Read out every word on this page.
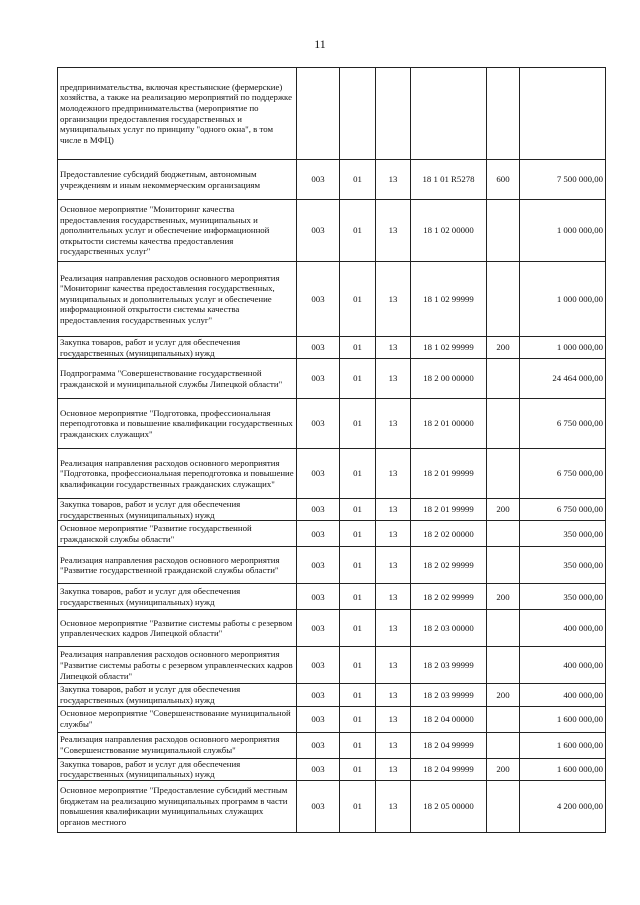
11
предпринимательства, включая крестьянские (фермерские) хозяйства, а также на реализацию мероприятий по поддержке молодежного предпринимательства (мероприятие по организации предоставления государственных и муниципальных услуг по принципу "одного окна", в том числе в МФЦ)						
Предоставление субсидий бюджетным, автономным учреждениям и иным некоммерческим организациям	003	01	13	18 1 01 R5278	600	7 500 000,00
Основное мероприятие "Мониторинг качества предоставления государственных, муниципальных и дополнительных услуг и обеспечение информационной открытости системы качества предоставления государственных услуг"	003	01	13	18 1 02 00000		1 000 000,00
Реализация направления расходов основного мероприятия "Мониторинг качества предоставления государственных, муниципальных и дополнительных услуг и обеспечение информационной открытости системы качества предоставления государственных услуг"	003	01	13	18 1 02 99999		1 000 000,00
Закупка товаров, работ и услуг для обеспечения государственных (муниципальных) нужд	003	01	13	18 1 02 99999	200	1 000 000,00
Подпрограмма "Совершенствование государственной гражданской и муниципальной службы Липецкой области"	003	01	13	18 2 00 00000		24 464 000,00
Основное мероприятие "Подготовка, профессиональная переподготовка и повышение квалификации государственных гражданских служащих"	003	01	13	18 2 01 00000		6 750 000,00
Реализация направления расходов основного мероприятия "Подготовка, профессиональная переподготовка и повышение квалификации государственных гражданских служащих"	003	01	13	18 2 01 99999		6 750 000,00
Закупка товаров, работ и услуг для обеспечения государственных (муниципальных) нужд	003	01	13	18 2 01 99999	200	6 750 000,00
Основное мероприятие "Развитие государственной гражданской службы области"	003	01	13	18 2 02 00000		350 000,00
Реализация направления расходов основного мероприятия "Развитие государственной гражданской службы области"	003	01	13	18 2 02 99999		350 000,00
Закупка товаров, работ и услуг для обеспечения государственных (муниципальных) нужд	003	01	13	18 2 02 99999	200	350 000,00
Основное мероприятие "Развитие системы работы с резервом управленческих кадров Липецкой области"	003	01	13	18 2 03 00000		400 000,00
Реализация направления расходов основного мероприятия "Развитие системы работы с резервом управленческих кадров Липецкой области"	003	01	13	18 2 03 99999		400 000,00
Закупка товаров, работ и услуг для обеспечения государственных (муниципальных) нужд	003	01	13	18 2 03 99999	200	400 000,00
Основное мероприятие "Совершенствование муниципальной службы"	003	01	13	18 2 04 00000		1 600 000,00
Реализация направления расходов основного мероприятия "Совершенствование муниципальной службы"	003	01	13	18 2 04 99999		1 600 000,00
Закупка товаров, работ и услуг для обеспечения государственных (муниципальных) нужд	003	01	13	18 2 04 99999	200	1 600 000,00
Основное мероприятие "Предоставление субсидий местным бюджетам на реализацию муниципальных программ в части повышения квалификации муниципальных служащих органов местного	003	01	13	18 2 05 00000		4 200 000,00
